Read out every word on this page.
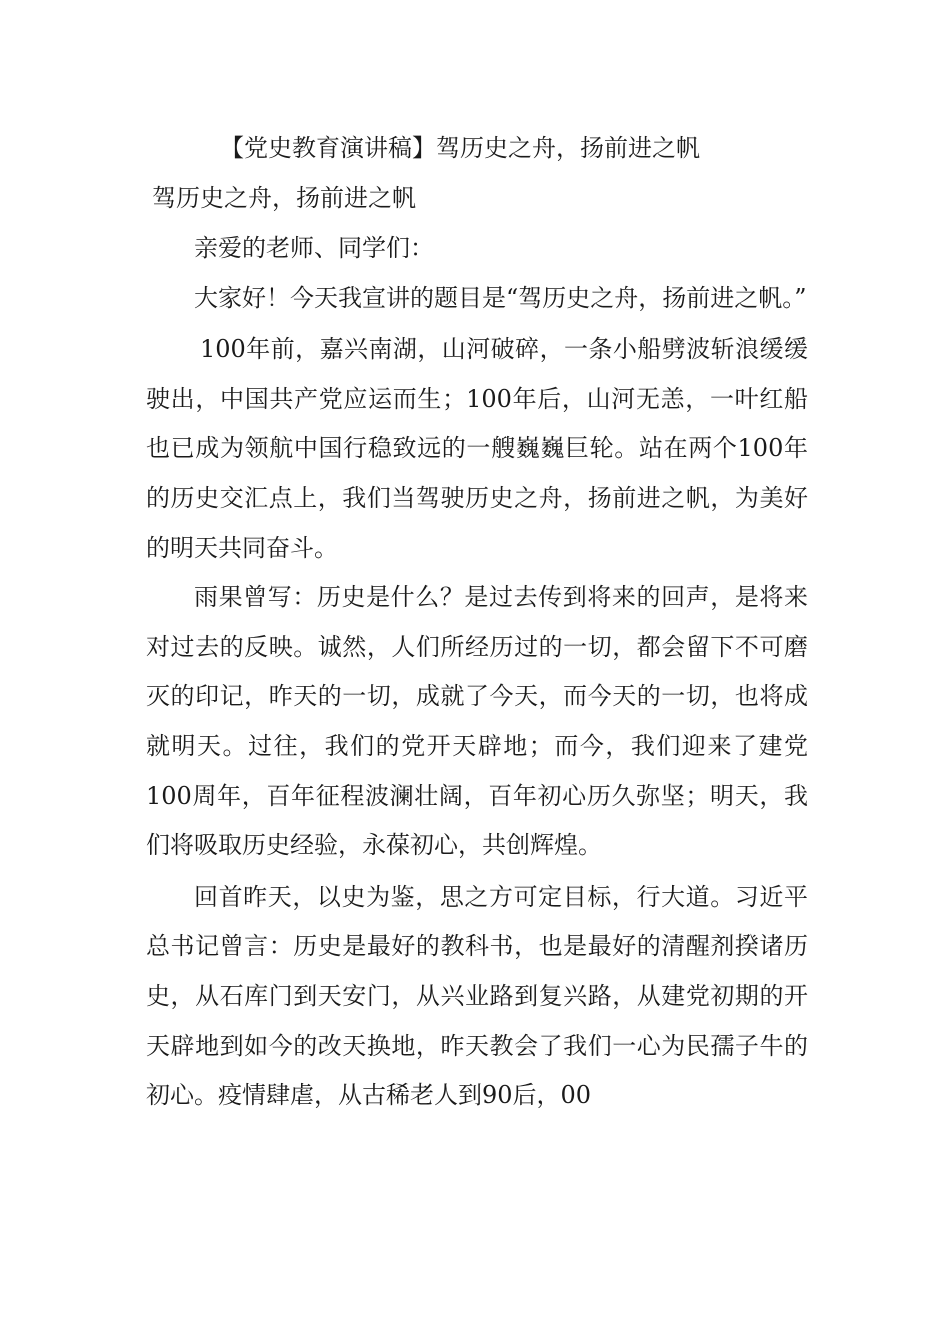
【党史教育演讲稿】驾历史之舟，扬前进之帆
驾历史之舟，扬前进之帆

亲爱的老师、同学们：

大家好！今天我宣讲的题目是“驾历史之舟，扬前进之帆。”

100年前，嘉兴南湖，山河破碎，一条小船劈波斩浪缓缓驶出，中国共产党应运而生；100年后，山河无恙，一叶红船也已成为领航中国行稳致远的一艘巍巍巨轮。站在两个100年的历史交汇点上，我们当驾驶历史之舟，扬前进之帆，为美好的明天共同奋斗。

雨果曾写：历史是什么？是过去传到将来的回声，是将来对过去的反映。诚然，人们所经历过的一切，都会留下不可磨灭的印记，昨天的一切，成就了今天，而今天的一切，也将成就明天。过往，我们的党开天辟地；而今，我们迎来了建党100周年，百年征程波澜壮阔，百年初心历久弥坚；明天，我们将吸取历史经验，永葆初心，共创辉煌。

回首昨天，以史为鉴，思之方可定目标，行大道。习近平总书记曾言：历史是最好的教科书，也是最好的清醒剂揆诸历史，从石库门到天安门，从兴业路到复兴路，从建党初期的开天辟地到如今的改天换地，昨天教会了我们一心为民孺子牛的初心。疫情肆虐，从古稀老人到90后，00
